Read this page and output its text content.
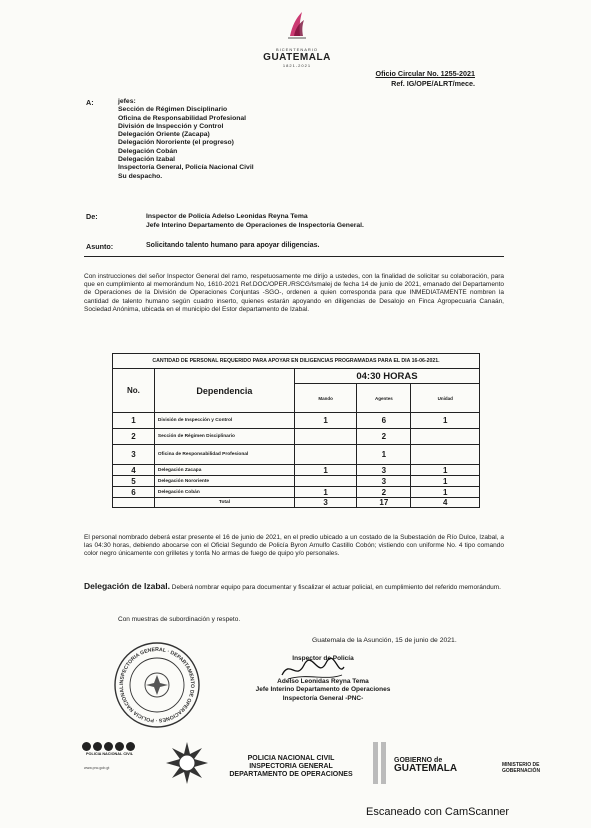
BICENTENARIO
GUATEMALA
1821-2021
Oficio Circular No. 1255-2021
Ref. IG/OPE/ALRT/mece.
A:	jefes:
Sección de Régimen Disciplinario
Oficina de Responsabilidad Profesional
División de Inspección y Control
Delegación Oriente (Zacapa)
Delegación Nororiente (el progreso)
Delegación Cobán
Delegación Izabal
Inspectoría General, Policía Nacional Civil
Su despacho.
De:	Inspector de Policía Adelso Leonidas Reyna Tema
Jefe Interino Departamento de Operaciones de Inspectoría General.
Asunto:	Solicitando talento humano para apoyar diligencias.
Con instrucciones del señor Inspector General del ramo, respetuosamente me dirijo a ustedes, con la finalidad de solicitar su colaboración, para que en cumplimiento al memorándum No, 1610-2021 Ref.DOC/OPER./RSCG/lsmalej de fecha 14 de junio de 2021, emanado del Departamento de Operaciones de la División de Operaciones Conjuntas -SGO-, ordenen a quien corresponda para que INMEDIATAMENTE nombren la cantidad de talento humano según cuadro inserto, quienes estarán apoyando en diligencias de Desalojo en Finca Agropecuaria Canaán, Sociedad Anónima, ubicada en el municipio del Estor departamento de Izabal.
CANTIDAD DE PERSONAL REQUERIDO PARA APOYAR EN DILIGENCIAS PROGRAMADAS PARA EL DIA 16-06-2021.				
No.	Dependencia	04:30 HORAS		
		Mando	Agentes	Unidad
1	División de Inspección y Control	1	6	1
2	Sección de Régimen Disciplinario		2	
3	Oficina de Responsabilidad Profesional		1	
4	Delegación Zacapa	1	3	1
5	Delegación Nororiente		3	1
6	Delegación Cobán	1	2	1
	Total	3	17	4
El personal nombrado deberá estar presente el 16 de junio de 2021, en el predio ubicado a un costado de la Subestación de Río Dulce, Izabal, a las 04:30 horas, debiendo abocarse con el Oficial Segundo de Policía Byron Arnulfo Castillo Cobón; vistiendo con uniforme No. 4 tipo comando color negro únicamente con grilletes y tonfa No armas de fuego de quipo y/o personales.
Delegación de Izabal. Deberá nombrar equipo para documentar y fiscalizar el actuar policial, en cumplimiento del referido memorándum.
Con muestras de subordinación y respeto.
Guatemala de la Asunción, 15 de junio de 2021.
INSPECTORIA GENERAL · DEPARTAMENTO DE OPERACIONES · POLICIA NACIONAL
Inspector de Policía
Adelso Leonidas Reyna Tema
Jefe Interino Departamento de Operaciones
Inspectoría General -PNC-
POLICIA NACIONAL CIVIL
www.pnc.gob.gt
POLICIA NACIONAL CIVIL
INSPECTORIA GENERAL
DEPARTAMENTO DE OPERACIONES
GOBIERNO de
GUATEMALA	MINISTERIO DE
GOBERNACIÓN
Escaneado con CamScanner
